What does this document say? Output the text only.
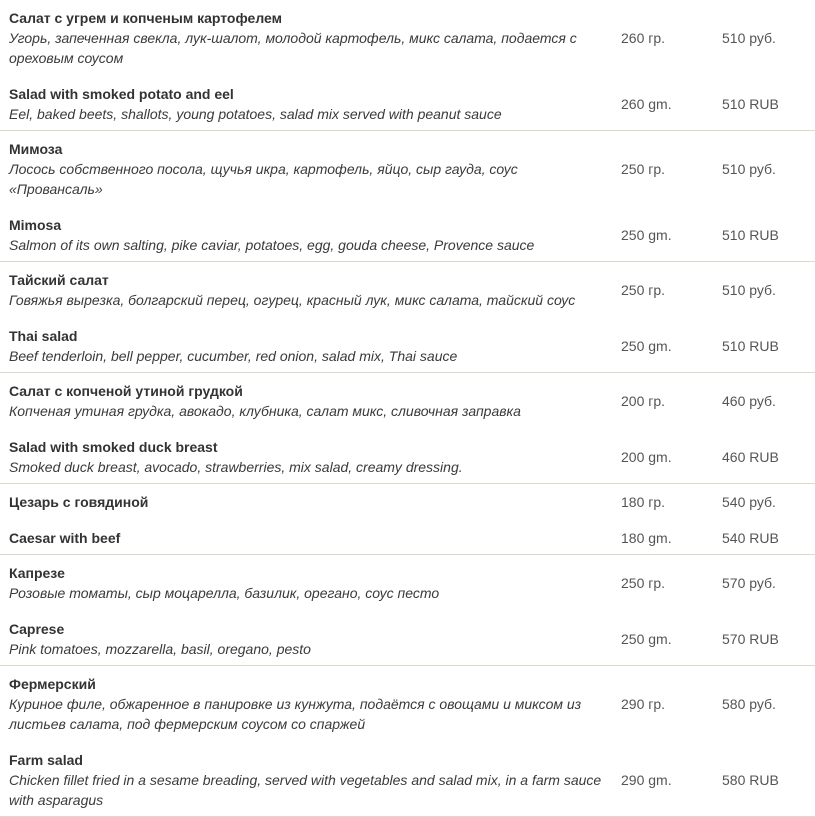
Салат с угрем и копченым картофелем
Угорь, запеченная свекла, лук-шалот, молодой картофель, микс салата, подается с ореховым соусом
260 гр.	510 руб.
Salad with smoked potato and eel
Eel, baked beets, shallots, young potatoes, salad mix served with peanut sauce
260 gm.	510 RUB
Мимоза
Лосось собственного посола, щучья икра, картофель, яйцо, сыр гауда, соус «Провансаль»
250 гр.	510 руб.
Mimosa
Salmon of its own salting, pike caviar, potatoes, egg, gouda cheese, Provence sauce
250 gm.	510 RUB
Тайский салат
Говяжья вырезка, болгарский перец, огурец, красный лук, микс салата, тайский соус
250 гр.	510 руб.
Thai salad
Beef tenderloin, bell pepper, cucumber, red onion, salad mix, Thai sauce
250 gm.	510 RUB
Салат с копченой утиной грудкой
Копченая утиная грудка, авокадо, клубника, салат микс, сливочная заправка
200 гр.	460 руб.
Salad with smoked duck breast
Smoked duck breast, avocado, strawberries, mix salad, creamy dressing.
200 gm.	460 RUB
Цезарь с говядиной	180 гр.	540 руб.
Caesar with beef	180 gm.	540 RUB
Капрезе
Розовые томаты, сыр моцарелла, базилик, орегано, соус песто
250 гр.	570 руб.
Caprese
Pink tomatoes, mozzarella, basil, oregano, pesto
250 gm.	570 RUB
Фермерский
Куриное филе, обжаренное в панировке из кунжута, подаётся с овощами и миксом из листьев салата, под фермерским соусом со спаржей
290 гр.	580 руб.
Farm salad
Chicken fillet fried in a sesame breading, served with vegetables and salad mix, in a farm sauce with asparagus
290 gm.	580 RUB
